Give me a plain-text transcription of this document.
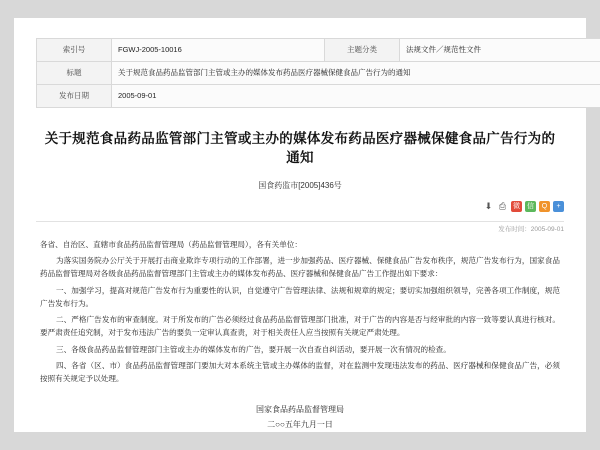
索引号	FGWJ-2005-10016	主题分类	法规文件／规范性文件
标题	关于规范食品药品监管部门主管或主办的媒体发布药品医疗器械保健食品广告行为的通知		
发布日期	2005-09-01		
关于规范食品药品监管部门主管或主办的媒体发布药品医疗器械保健食品广告行为的通知
国食药监市[2005]436号
⬇ ⎙ 微 信	Q	+
发布时间：2005-09-01

各省、自治区、直辖市食品药品监督管理局（药品监督管理局），各有关单位：

为落实国务院办公厅关于开展打击商业欺诈专项行动的工作部署，进一步加强药品、医疗器械、保健食品广告发布秩序，规范广告发布行为，国家食品药品监督管理局对各级食品药品监督管理部门主管或主办的媒体发布药品、医疗器械和保健食品广告工作提出如下要求：

一、加强学习，提高对规范广告发布行为重要性的认识，自觉遵守广告管理法律、法规和规章的规定；要切实加强组织领导，完善各项工作制度，规范广告发布行为。

二、严格广告发布的审查制度。对于所发布的广告必须经过食品药品监督管理部门批准，对于广告的内容是否与经审批的内容一致等要认真进行核对。要严肃责任追究制，对于发布违法广告的要负一定审认真查责，对于相关责任人应当按照有关规定严肃处理。

三、各级食品药品监督管理部门主管或主办的媒体发布的广告，要开展一次自查自纠活动，要开展一次有情况的检查。

四、各省（区、市）食品药品监督管理部门要加大对本系统主管或主办媒体的监督，对在监测中发现违法发布的药品、医疗器械和保健食品广告，必须按照有关规定予以处理。

国家食品药品监督管理局
二○○五年九月一日
